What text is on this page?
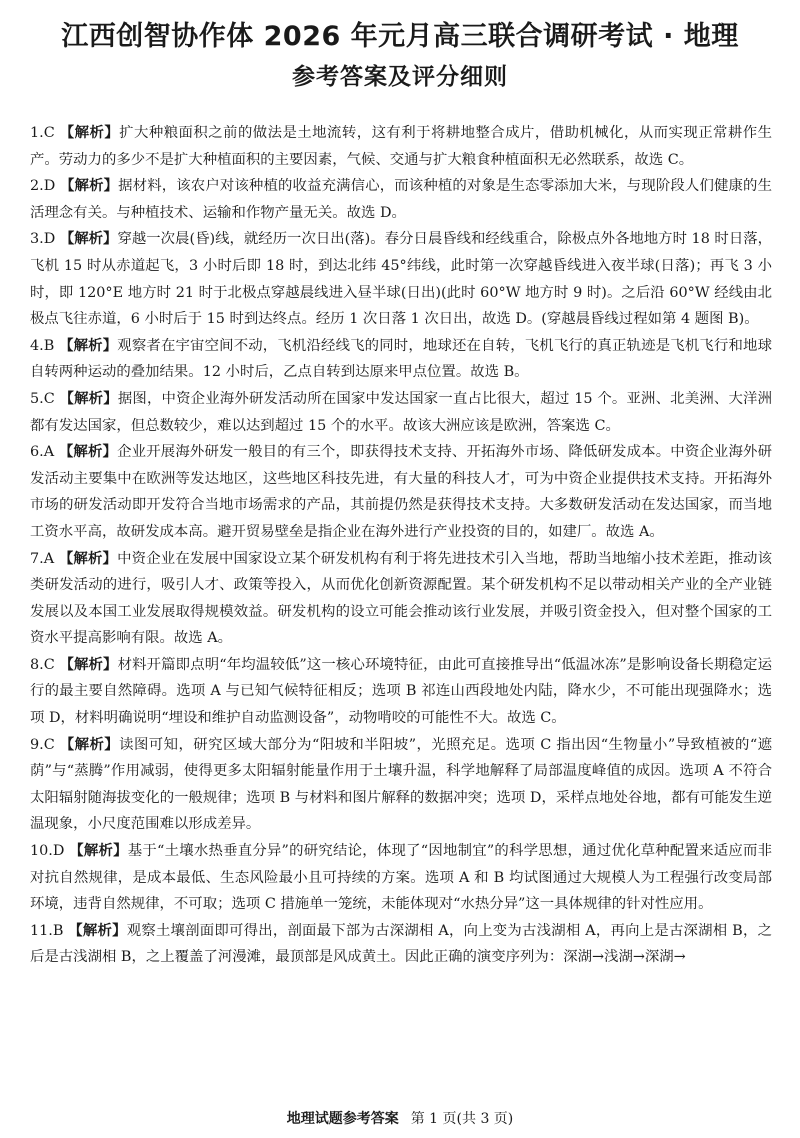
江西创智协作体 2026 年元月高三联合调研考试 · 地理
参考答案及评分细则

1.C 【解析】扩大种粮面积之前的做法是土地流转，这有利于将耕地整合成片，借助机械化，从而实现正常耕作生产。劳动力的多少不是扩大种植面积的主要因素，气候、交通与扩大粮食种植面积无必然联系，故选 C。

2.D 【解析】据材料，该农户对该种植的收益充满信心，而该种植的对象是生态零添加大米，与现阶段人们健康的生活理念有关。与种植技术、运输和作物产量无关。故选 D。

3.D 【解析】穿越一次晨(昏)线，就经历一次日出(落)。春分日晨昏线和经线重合，除极点外各地地方时 18 时日落，飞机 15 时从赤道起飞，3 小时后即 18 时，到达北纬 45°纬线，此时第一次穿越昏线进入夜半球(日落)；再飞 3 小时，即 120°E 地方时 21 时于北极点穿越晨线进入昼半球(日出)(此时 60°W 地方时 9 时)。之后沿 60°W 经线由北极点飞往赤道，6 小时后于 15 时到达终点。经历 1 次日落 1 次日出，故选 D。(穿越晨昏线过程如第 4 题图 B)。

4.B 【解析】观察者在宇宙空间不动，飞机沿经线飞的同时，地球还在自转，飞机飞行的真正轨迹是飞机飞行和地球自转两种运动的叠加结果。12 小时后，乙点自转到达原来甲点位置。故选 B。

5.C 【解析】据图，中资企业海外研发活动所在国家中发达国家一直占比很大，超过 15 个。亚洲、北美洲、大洋洲都有发达国家，但总数较少，难以达到超过 15 个的水平。故该大洲应该是欧洲，答案选 C。

6.A 【解析】企业开展海外研发一般目的有三个，即获得技术支持、开拓海外市场、降低研发成本。中资企业海外研发活动主要集中在欧洲等发达地区，这些地区科技先进，有大量的科技人才，可为中资企业提供技术支持。开拓海外市场的研发活动即开发符合当地市场需求的产品，其前提仍然是获得技术支持。大多数研发活动在发达国家，而当地工资水平高，故研发成本高。避开贸易壁垒是指企业在海外进行产业投资的目的，如建厂。故选 A。

7.A 【解析】中资企业在发展中国家设立某个研发机构有利于将先进技术引入当地，帮助当地缩小技术差距，推动该类研发活动的进行，吸引人才、政策等投入，从而优化创新资源配置。某个研发机构不足以带动相关产业的全产业链发展以及本国工业发展取得规模效益。研发机构的设立可能会推动该行业发展，并吸引资金投入，但对整个国家的工资水平提高影响有限。故选 A。

8.C 【解析】材料开篇即点明“年均温较低”这一核心环境特征，由此可直接推导出“低温冰冻”是影响设备长期稳定运行的最主要自然障碍。选项 A 与已知气候特征相反；选项 B 祁连山西段地处内陆，降水少，不可能出现强降水；选项 D，材料明确说明“埋设和维护自动监测设备”，动物啃咬的可能性不大。故选 C。

9.C 【解析】读图可知，研究区域大部分为“阳坡和半阳坡”，光照充足。选项 C 指出因“生物量小”导致植被的“遮荫”与“蒸腾”作用减弱，使得更多太阳辐射能量作用于土壤升温，科学地解释了局部温度峰值的成因。选项 A 不符合太阳辐射随海拔变化的一般规律；选项 B 与材料和图片解释的数据冲突；选项 D，采样点地处谷地，都有可能发生逆温现象，小尺度范围难以形成差异。

10.D 【解析】基于“土壤水热垂直分异”的研究结论，体现了“因地制宜”的科学思想，通过优化草种配置来适应而非对抗自然规律，是成本最低、生态风险最小且可持续的方案。选项 A 和 B 均试图通过大规模人为工程强行改变局部环境，违背自然规律，不可取；选项 C 措施单一笼统，未能体现对“水热分异”这一具体规律的针对性应用。

11.B 【解析】观察土壤剖面即可得出，剖面最下部为古深湖相 A，向上变为古浅湖相 A，再向上是古深湖相 B，之后是古浅湖相 B，之上覆盖了河漫滩，最顶部是风成黄土。因此正确的演变序列为：深湖→浅湖→深湖→

地理试题参考答案 第 1 页(共 3 页)
